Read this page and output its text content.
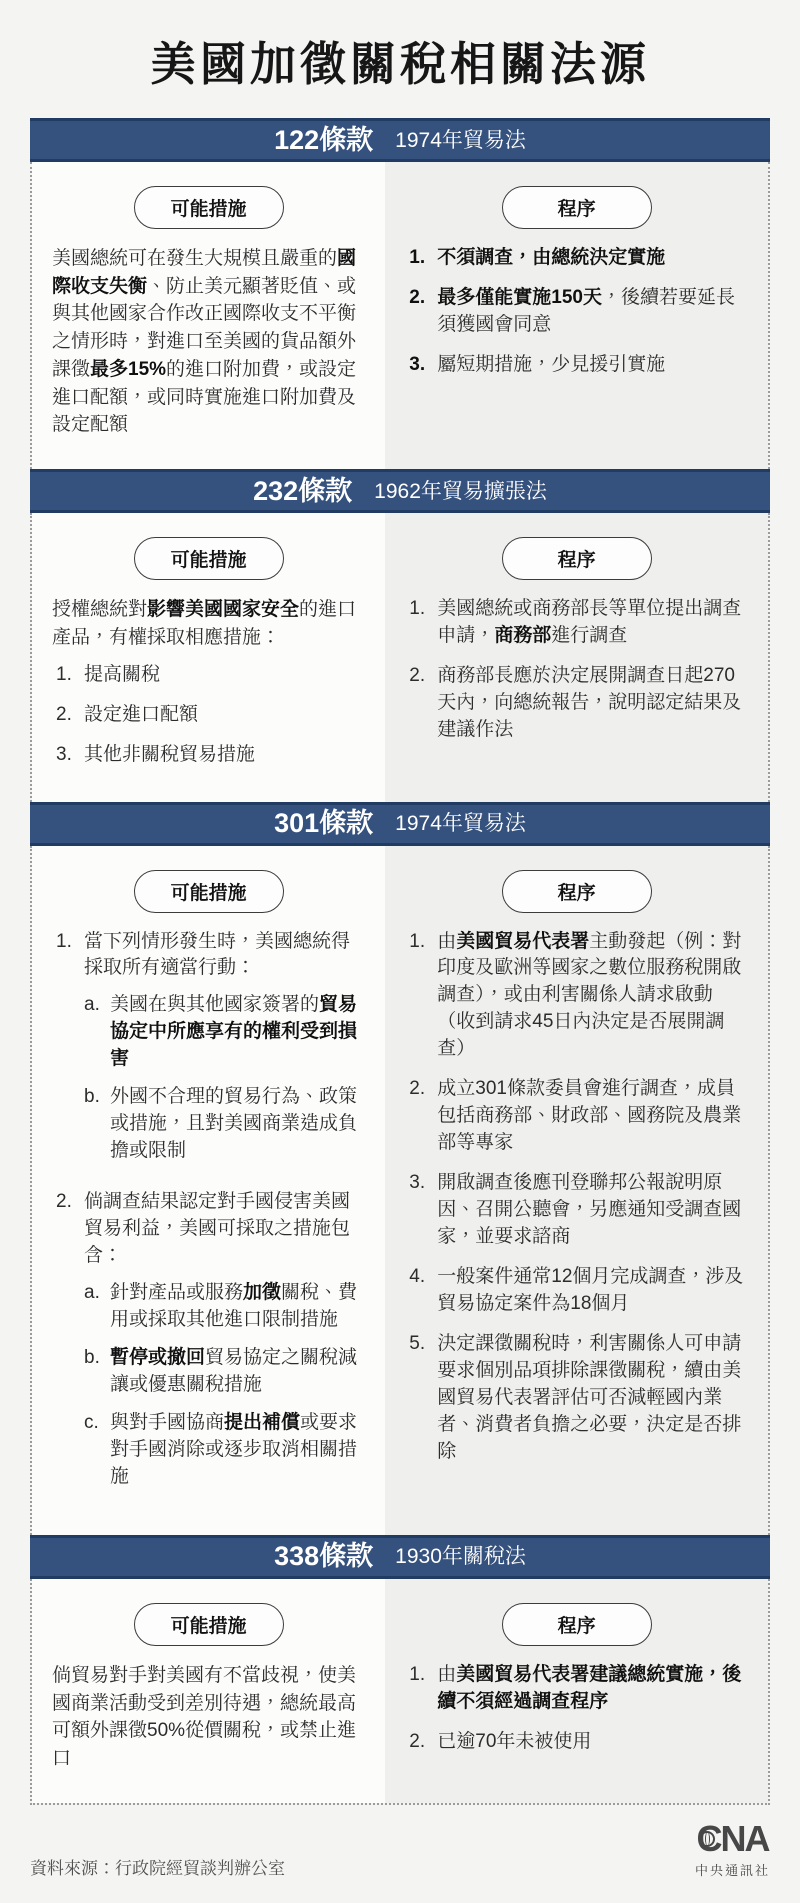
美國加徵關稅相關法源
122條款 1974年貿易法
可能措施

美國總統可在發生大規模且嚴重的國際收支失衡、防止美元顯著貶值、或與其他國家合作改正國際收支不平衡之情形時，對進口至美國的貨品額外課徵最多15%的進口附加費，或設定進口配額，或同時實施進口附加費及設定配額

程序
1. 不須調查，由總統決定實施
2. 最多僅能實施150天，後續若要延長須獲國會同意
3. 屬短期措施，少見援引實施
232條款 1962年貿易擴張法
可能措施

授權總統對影響美國國家安全的進口產品，有權採取相應措施：

1. 提高關稅
2. 設定進口配額
3. 其他非關稅貿易措施
程序
1. 美國總統或商務部長等單位提出調查申請，商務部進行調查
2. 商務部長應於決定展開調查日起270天內，向總統報告，說明認定結果及建議作法
301條款 1974年貿易法
可能措施
1. 當下列情形發生時，美國總統得採取所有適當行動：
a. 美國在與其他國家簽署的貿易協定中所應享有的權利受到損害
b. 外國不合理的貿易行為、政策或措施，且對美國商業造成負擔或限制
2. 倘調查結果認定對手國侵害美國貿易利益，美國可採取之措施包含：
a. 針對產品或服務加徵關稅、費用或採取其他進口限制措施
b. 暫停或撤回貿易協定之關稅減讓或優惠關稅措施
c. 與對手國協商提出補償或要求對手國消除或逐步取消相關措施
程序
1. 由美國貿易代表署主動發起（例：對印度及歐洲等國家之數位服務稅開啟調查），或由利害關係人請求啟動（收到請求45日內決定是否展開調查）
2. 成立301條款委員會進行調查，成員包括商務部、財政部、國務院及農業部等專家
3. 開啟調查後應刊登聯邦公報說明原因、召開公聽會，另應通知受調查國家，並要求諮商
4. 一般案件通常12個月完成調查，涉及貿易協定案件為18個月
5. 決定課徵關稅時，利害關係人可申請要求個別品項排除課徵關稅，續由美國貿易代表署評估可否減輕國內業者、消費者負擔之必要，決定是否排除
338條款 1930年關稅法
可能措施

倘貿易對手對美國有不當歧視，使美國商業活動受到差別待遇，總統最高可額外課徵50%從價關稅，或禁止進口

程序
1. 由美國貿易代表署建議總統實施，後續不須經過調查程序
2. 已逾70年未被使用
資料來源：行政院經貿談判辦公室
CNA
中央通訊社
